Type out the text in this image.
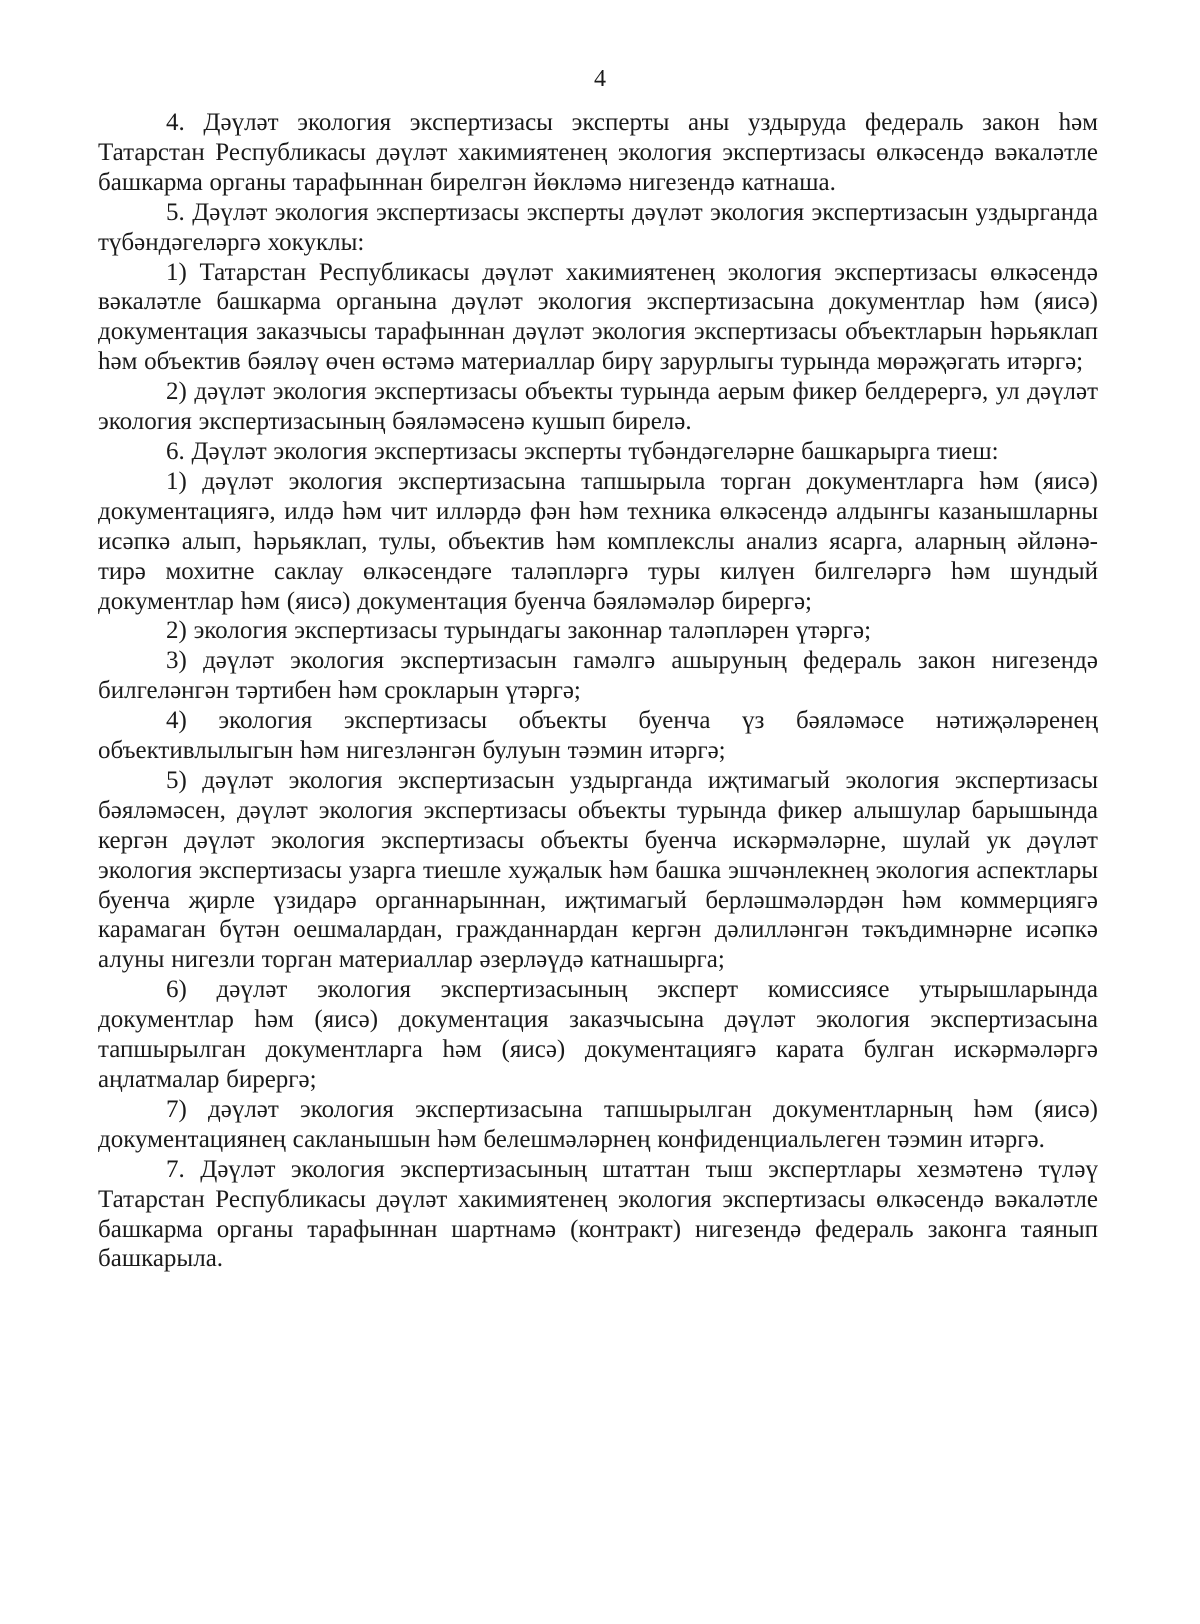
4

4. Дәүләт экология экспертизасы эксперты аны уздыруда федераль закон һәм Татарстан Республикасы дәүләт хакимиятенең экология экспертизасы өлкәсендә вәкаләтле башкарма органы тарафыннан бирелгән йөкләмә нигезендә катнаша.

5. Дәүләт экология экспертизасы эксперты дәүләт экология экспертизасын уздырганда түбәндәгеләргә хокуклы:

1) Татарстан Республикасы дәүләт хакимиятенең экология экспертизасы өлкәсендә вәкаләтле башкарма органына дәүләт экология экспертизасына документлар һәм (яисә) документация заказчысы тарафыннан дәүләт экология экспертизасы объектларын һәрьяклап һәм объектив бәяләү өчен өстәмә материаллар бирү зарурлыгы турында мөрәҗәгать итәргә;

2) дәүләт экология экспертизасы объекты турында аерым фикер белдерергә, ул дәүләт экология экспертизасының бәяләмәсенә кушып бирелә.

6. Дәүләт экология экспертизасы эксперты түбәндәгеләрне башкарырга тиеш:

1) дәүләт экология экспертизасына тапшырыла торган документларга һәм (яисә) документациягә, илдә һәм чит илләрдә фән һәм техника өлкәсендә алдынгы казанышларны исәпкә алып, һәрьяклап, тулы, объектив һәм комплекслы анализ ясарга, аларның әйләнә-тирә мохитне саклау өлкәсендәге таләпләргә туры килүен билгеләргә һәм шундый документлар һәм (яисә) документация буенча бәяләмәләр бирергә;

2) экология экспертизасы турындагы законнар таләпләрен үтәргә;

3) дәүләт экология экспертизасын гамәлгә ашыруның федераль закон нигезендә билгеләнгән тәртибен һәм срокларын үтәргә;

4) экология экспертизасы объекты буенча үз бәяләмәсе нәтиҗәләренең объективлылыгын һәм нигезләнгән булуын тәэмин итәргә;

5) дәүләт экология экспертизасын уздырганда иҗтимагый экология экспертизасы бәяләмәсен, дәүләт экология экспертизасы объекты турында фикер алышулар барышында кергән дәүләт экология экспертизасы объекты буенча искәрмәләрне, шулай ук дәүләт экология экспертизасы узарга тиешле хуҗалык һәм башка эшчәнлекнең экология аспектлары буенча җирле үзидарә органнарыннан, иҗтимагый берләшмәләрдән һәм коммерциягә карамаган бүтән оешмалардан, гражданнардан кергән дәлилләнгән тәкъдимнәрне исәпкә алуны нигезли торган материаллар әзерләүдә катнашырга;

6) дәүләт экология экспертизасының эксперт комиссиясе утырышларында документлар һәм (яисә) документация заказчысына дәүләт экология экспертизасына тапшырылган документларга һәм (яисә) документациягә карата булган искәрмәләргә аңлатмалар бирергә;

7) дәүләт экология экспертизасына тапшырылган документларның һәм (яисә) документациянең сакланышын һәм белешмәләрнең конфиденциальлеген тәэмин итәргә.

7. Дәүләт экология экспертизасының штаттан тыш экспертлары хезмәтенә түләү Татарстан Республикасы дәүләт хакимиятенең экология экспертизасы өлкәсендә вәкаләтле башкарма органы тарафыннан шартнамә (контракт) нигезендә федераль законга таянып башкарыла.
